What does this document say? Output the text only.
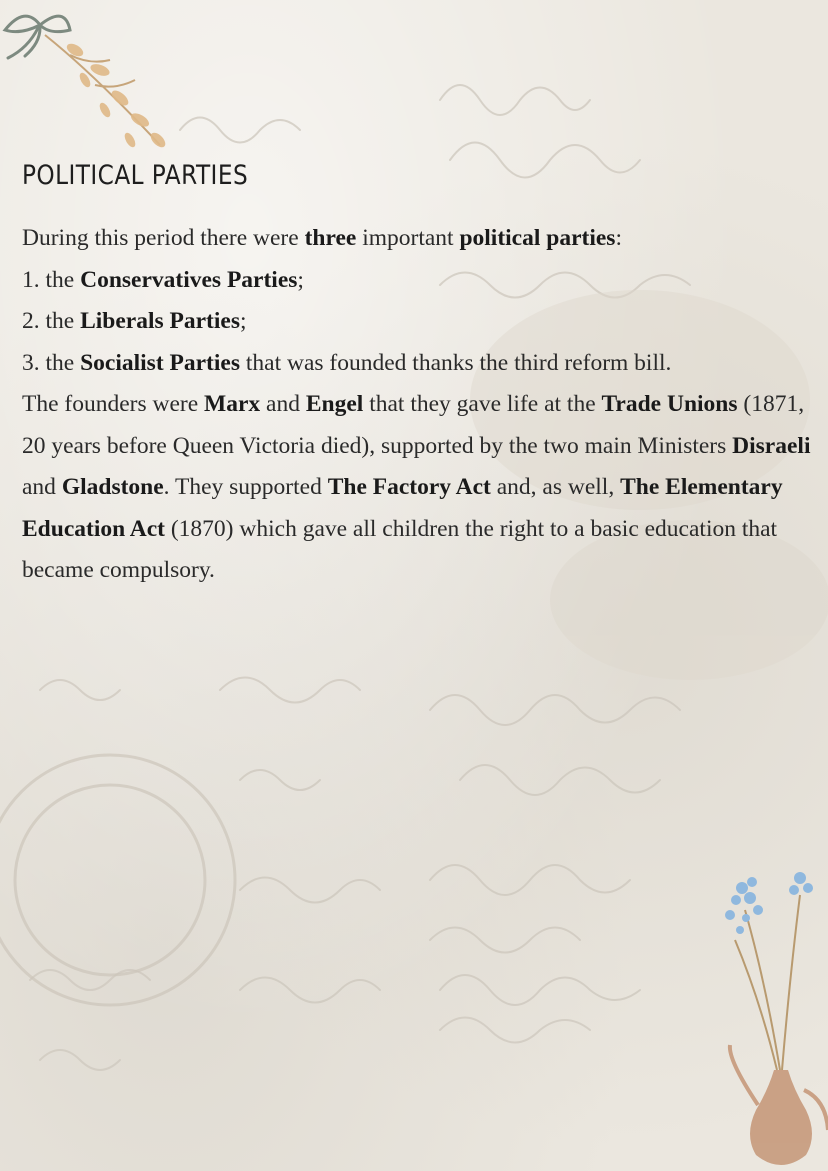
POLITICAL PARTIES

During this period there were three important political parties:

1. the Conservatives Parties;

2. the Liberals Parties;

3. the Socialist Parties that was founded thanks the third reform bill.

The founders were Marx and Engel that they gave life at the Trade Unions (1871, 20 years before Queen Victoria died), supported by the two main Ministers Disraeli and Gladstone. They supported The Factory Act and, as well, The Elementary Education Act (1870) which gave all children the right to a basic education that became compulsory.
